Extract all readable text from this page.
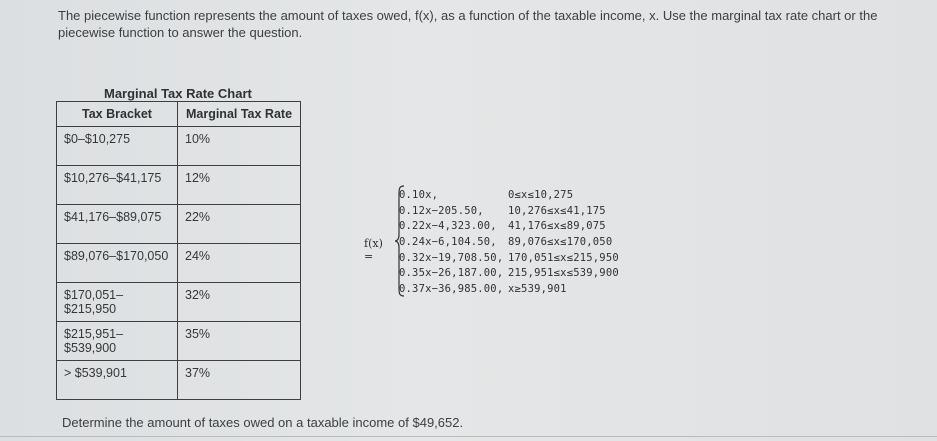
The piecewise function represents the amount of taxes owed, f(x), as a function of the taxable income, x. Use the marginal tax rate chart or the piecewise function to answer the question.
Marginal Tax Rate Chart
Tax Bracket	Marginal Tax Rate
$0–$10,275	10%
$10,276–$41,175	12%
$41,176–$89,075	22%
$89,076–$170,050	24%
$170,051–$215,950	32%
$215,951–$539,900	35%
> $539,901	37%
f(x) =
0.10x,	0≤x≤10,275
0.12x−205.50, 10,276≤x≤41,175
0.22x−4,323.00, 41,176≤x≤89,075
0.24x−6,104.50, 89,076≤x≤170,050
0.32x−19,708.50, 170,051≤x≤215,950
0.35x−26,187.00, 215,951≤x≤539,900
0.37x−36,985.00, x≥539,901
Determine the amount of taxes owed on a taxable income of $49,652.
